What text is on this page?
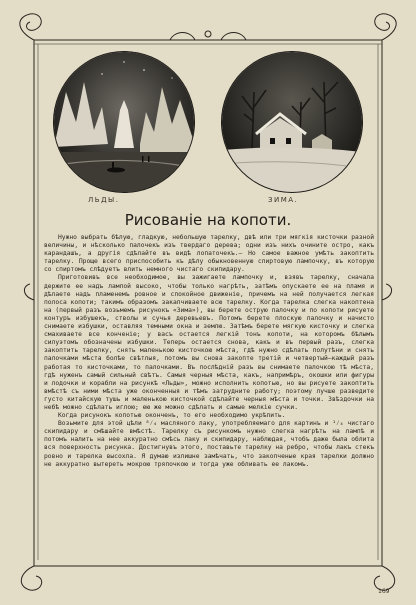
ЛЬДЫ.	ЗИМА.
Рисованіе на копоти.

Нужно выбрать бѣлую, гладкую, небольшую тарелку, двѣ или три мягкія кисточки разной величины, и нѣсколько палочекъ изъ твердаго дерева; одни изъ нихъ очините остро, какъ карандашъ, а другія сдѣлайте въ видѣ лопаточекъ.— Но самое важное умѣть закоптить тарелку. Проще всего приспособить къ дѣлу обыкновенную спиртовую лампочку, въ которую со спиртомъ слѣдуетъ влить немного чистаго скипидару.

Приготовивъ все необходимое, вы зажигаете лампочку и, взявъ тарелку, сначала держите ее надъ лампой высоко, чтобы только нагрѣть, затѣмъ опускаете ее на пламя и дѣлаете надъ пламенемъ ровное и спокойное движеніе, причемъ на ней получается легкая полоса копоти; такимъ образомъ закапчиваете всю тарелку. Когда тарелка слегка накоптена на (первый разъ возьмемъ рисунокъ «Зима»), вы берете острую палочку и по копоти рисуете контуръ избушекъ, стволы и сучья деревьевъ. Потомъ берете плоскую палочку и начисто снимаете избушки, оставляя темными окна и землю. Затѣмъ берете мягкую кисточку и слегка смахиваете все конченіе; у васъ остается легкій тонъ копоти, на которомъ бѣлымъ силуэтомъ обозначены избушки. Теперь остается снова, какъ и въ первый разъ, слегка закоптить тарелку, снять маленькою кисточкою мѣста, гдѣ нужно сдѣлать полутѣни и снять палочками мѣста болѣе свѣтлыя, потомъ вы снова закопте третій и четвертый—каждый разъ работая то кисточками, то палочками. Въ послѣдній разъ вы снимаете палочкою тѣ мѣста, гдѣ нуженъ самый сильный свѣтъ. Самыя черныя мѣста, какъ, напримѣръ, окошки или фигуры и лодочки и корабли на рисункѣ «Льды», можно исполнить копотью, но вы рисуете закоптить вмѣстѣ съ ними мѣста уже оконченныя и тѣмъ затрудните работу; поэтому лучше разведите густо китайскую тушь и маленькою кисточкой сдѣлайте черныя мѣста и точки. Звѣздочки на небѣ можно сдѣлать иглою; ею же можно сдѣлать и самые мелкіе сучки.

Когда рисунокъ копотью оконченъ, то его необходимо укрѣпить.

Возьмите для этой цѣли ⁸⁄₄ масляного лаку, употребляемаго для картинъ и ¹⁄₄ чистаго скипидару и смѣшайте вмѣстѣ. Тарелку съ рисункомъ нужно слегка нагрѣть на лампѣ и потомъ налить на нее аккуратно смѣсь лаку и скипидару, наблюдая, чтобъ даже была облита вся поверхность рисунка. Достигнувъ этого, поставьте тарелку на ребро, чтобы лакъ стекъ ровно и тарелка высохла. Я думаю излишне замѣчать, что закопченые края тарелки должно не аккуратно вытереть мокрою тряпочкою и тогда уже обливать ее лакомъ.

169
